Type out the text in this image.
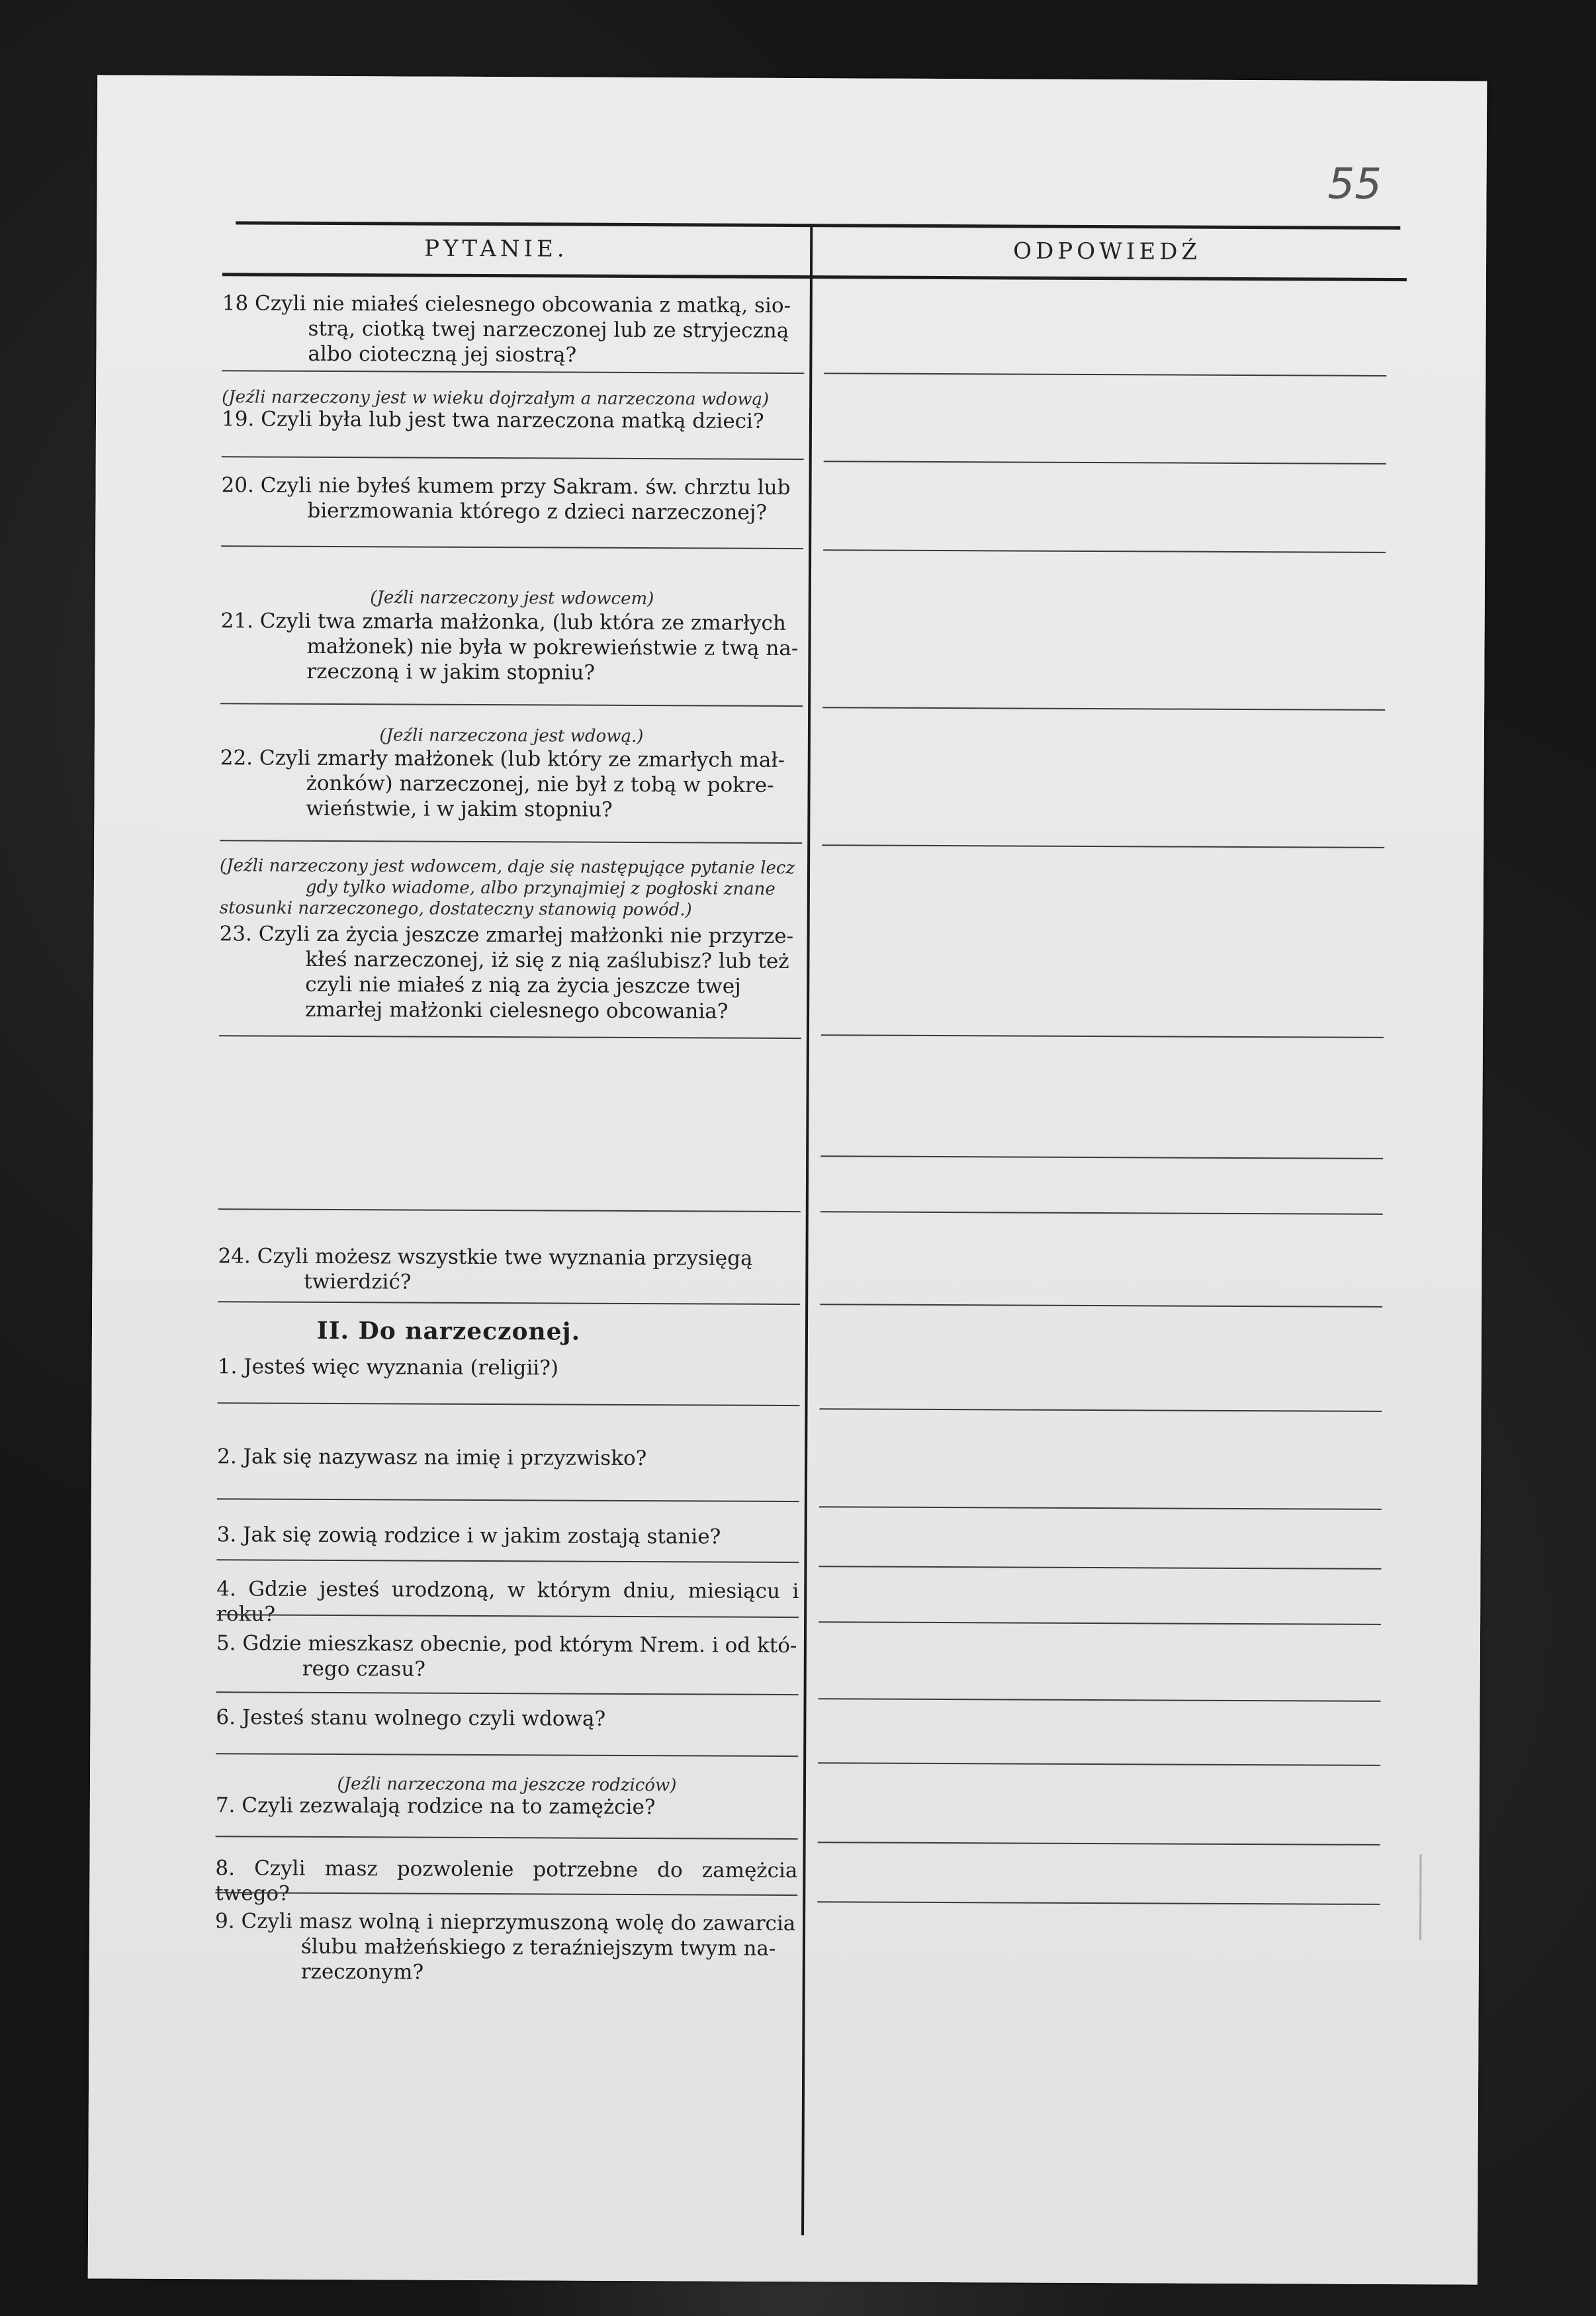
55
PYTANIE.	ODPOWIEDŹ
18 Czyli nie miałeś cielesnego obcowania z matką, sio-
strą, ciotką twej narzeczonej lub ze stryjeczną
albo cioteczną jej siostrą?
(Jeźli narzeczony jest w wieku dojrzałym a narzeczona wdową)
19. Czyli była lub jest twa narzeczona matką dzieci?
20. Czyli nie byłeś kumem przy Sakram. św. chrztu lub
bierzmowania którego z dzieci narzeczonej?
(Jeźli narzeczony jest wdowcem)
21. Czyli twa zmarła małżonka, (lub która ze zmarłych
małżonek) nie była w pokrewieństwie z twą na-
rzeczoną i w jakim stopniu?
(Jeźli narzeczona jest wdową.)
22. Czyli zmarły małżonek (lub który ze zmarłych mał-
żonków) narzeczonej, nie był z tobą w pokre-
wieństwie, i w jakim stopniu?
(Jeźli narzeczony jest wdowcem, daje się następujące pytanie lecz
gdy tylko wiadome, albo przynajmiej z pogłoski znane
stosunki narzeczonego, dostateczny stanowią powód.)
23. Czyli za życia jeszcze zmarłej małżonki nie przyrze-
kłeś narzeczonej, iż się z nią zaślubisz? lub też
czyli nie miałeś z nią za życia jeszcze twej
zmarłej małżonki cielesnego obcowania?
24. Czyli możesz wszystkie twe wyznania przysięgą
twierdzić?
II. Do narzeczonej.
1. Jesteś więc wyznania (religii?)
2. Jak się nazywasz na imię i przyzwisko?
3. Jak się zowią rodzice i w jakim zostają stanie?
4. Gdzie jesteś urodzoną, w którym dniu, miesiącu i roku?
5. Gdzie mieszkasz obecnie, pod którym Nrem. i od któ-
rego czasu?
6. Jesteś stanu wolnego czyli wdową?
(Jeźli narzeczona ma jeszcze rodziców)
7. Czyli zezwalają rodzice na to zamężcie?
8. Czyli masz pozwolenie potrzebne do zamężcia twego?
9. Czyli masz wolną i nieprzymuszoną wolę do zawarcia
ślubu małżeńskiego z teraźniejszym twym na-
rzeczonym?
